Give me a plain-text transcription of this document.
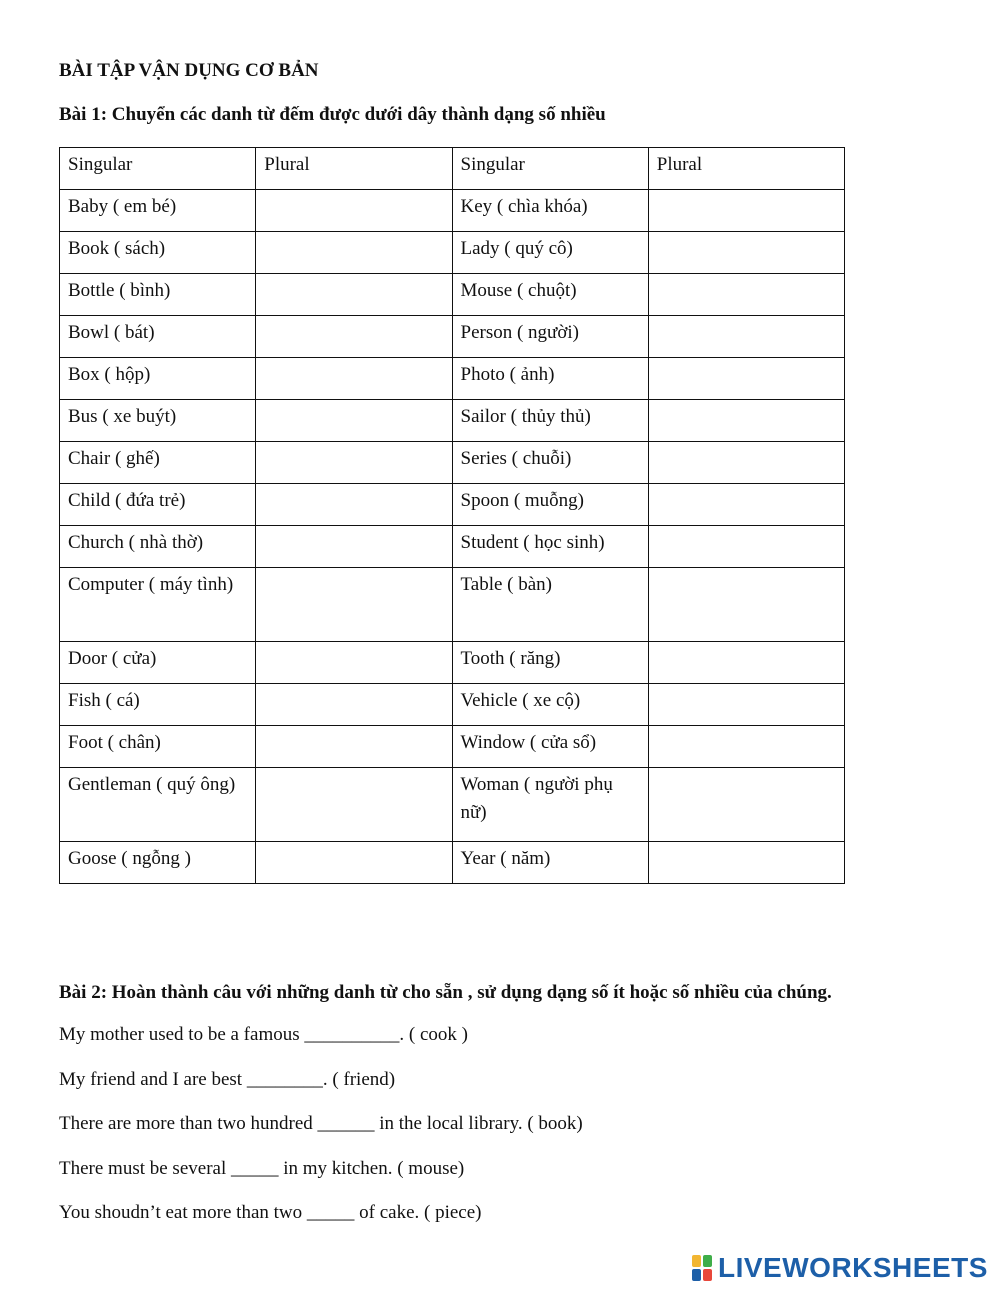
BÀI TẬP VẬN DỤNG CƠ BẢN
Bài 1: Chuyển các danh từ đếm được dưới dây thành dạng số nhiều
Singular	Plural	Singular	Plural
Baby ( em bé)		Key ( chìa khóa)	
Book ( sách)		Lady ( quý cô)	
Bottle ( bình)		Mouse ( chuột)	
Bowl ( bát)		Person ( người)	
Box ( hộp)		Photo ( ảnh)	
Bus ( xe buýt)		Sailor ( thủy thủ)	
Chair ( ghế)		Series ( chuỗi)	
Child ( đứa trẻ)		Spoon ( muỗng)	
Church ( nhà thờ)		Student ( học sinh)	
Computer ( máy tình)		Table ( bàn)	
Door ( cửa)		Tooth ( răng)	
Fish ( cá)		Vehicle ( xe cộ)	
Foot ( chân)		Window ( cửa sổ)	
Gentleman ( quý ông)		Woman ( người phụ nữ)	
Goose ( ngỗng )		Year ( năm)	
Bài 2: Hoàn thành câu với những danh từ cho sẵn , sử dụng dạng số ít hoặc số nhiều của chúng.
My mother used to be a famous __________. ( cook )
My friend and I are best ________. ( friend)
There are more than two hundred ______ in the local library. ( book)
There must be several _____ in my kitchen. ( mouse)
You shoudn’t eat more than two _____ of cake. ( piece)
LIVEWORKSHEETS
